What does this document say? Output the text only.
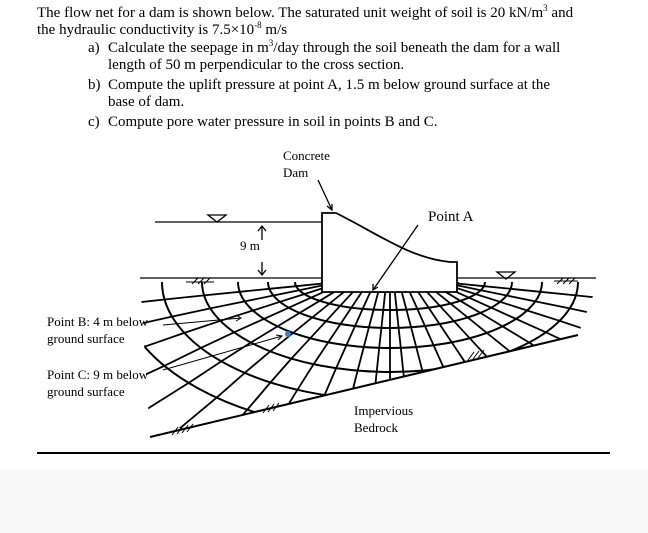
The flow net for a dam is shown below. The saturated unit weight of soil is 20 $kN/m^3$ and
the hydraulic conductivity is $7.5\times 10^{-8}$ m/s
a) Calculate the seepage in $m^3$/day through the soil beneath the dam for a wall
length of 50 m perpendicular to the cross section.
b) Compute the uplift pressure at point A, 1.5 m below ground surface at the
base of dam.
c) Compute pore water pressure in soil in points B and C.
Concrete
Dam
Point A
9 m
Point B: 4 m below
ground surface
Point C: 9 m below
ground surface
Impervious
Bedrock
